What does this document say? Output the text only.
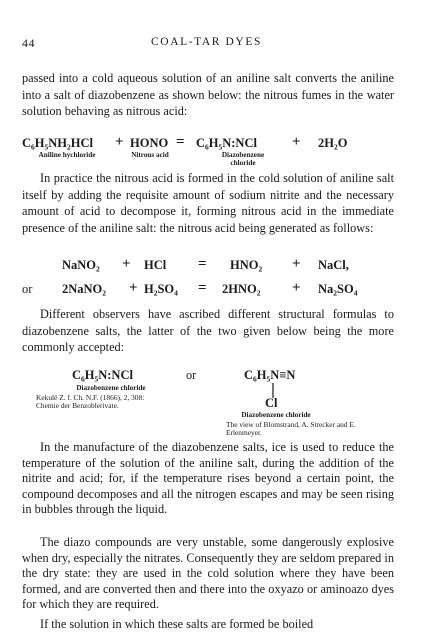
44	COAL-TAR DYES
passed into a cold aqueous solution of an aniline salt converts the aniline into a salt of diazobenzene as shown below: the nitrous fumes in the water solution behaving as nitrous acid:
C₆H₅NH₂HCl + HONO = C₆H₅N:NCl + 2H₂O
Aniline hychloride	Nitrous acid	Diazobenzene chloride
In practice the nitrous acid is formed in the cold solution of aniline salt itself by adding the requisite amount of sodium nitrite and the necessary amount of acid to decompose it, forming nitrous acid in the immediate presence of the aniline salt: the nitrous acid being generated as follows:
NaNO₂ + HCl = HNO₂ + NaCl,
or 2NaNO₂ + H₂SO₄ = 2HNO₂ + Na₂SO₄
Different observers have ascribed different structural formulas to diazobenzene salts, the latter of the two given below being the more commonly accepted:
C₆H₅N:NCl
Diazobenzene chloride
Kekulé Z. f. Ch. N.F. (1866), 2, 308: Chemie der Benzoblerivate.
or	C₆H₅N≡N
Cl
Diazobenzene chloride
The view of Blomstrand, A. Strecker and E. Erlenmeyer.
In the manufacture of the diazobenzene salts, ice is used to reduce the temperature of the solution of the aniline salt, during the addition of the nitrite and acid; for, if the temperature rises beyond a certain point, the compound decomposes and all the nitrogen escapes and may be seen rising in bubbles through the liquid.
The diazo compounds are very unstable, some dangerously explosive when dry, especially the nitrates. Consequently they are seldom prepared in the dry state: they are used in the cold solution where they have been formed, and are converted then and there into the oxyazo or aminoazo dyes for which they are required.
If the solution in which these salts are formed be boiled
